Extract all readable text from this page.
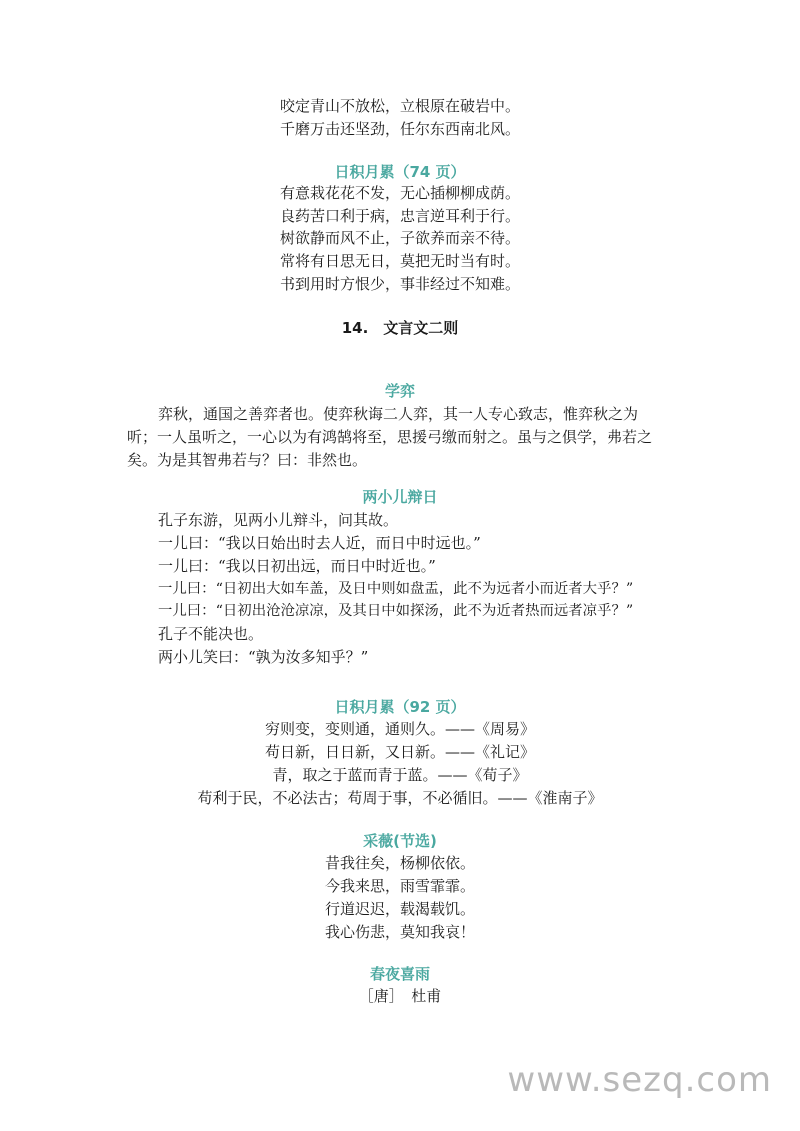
咬定青山不放松，立根原在破岩中。
千磨万击还坚劲，任尔东西南北风。
日积月累（74 页）
有意栽花花不发，无心插柳柳成荫。
良药苦口利于病，忠言逆耳利于行。
树欲静而风不止，子欲养而亲不待。
常将有日思无日，莫把无时当有时。
书到用时方恨少，事非经过不知难。
14.　文言文二则
学弈
弈秋，通国之善弈者也。使弈秋诲二人弈，其一人专心致志，惟弈秋之为
听；一人虽听之，一心以为有鸿鹄将至，思援弓缴而射之。虽与之俱学，弗若之
矣。为是其智弗若与？曰：非然也。
两小儿辩日
孔子东游，见两小儿辩斗，问其故。
一儿曰：“我以日始出时去人近，而日中时远也。”
一儿曰：“我以日初出远，而日中时近也。”
一儿曰：“日初出大如车盖，及日中则如盘盂，此不为远者小而近者大乎？”
一儿曰：“日初出沧沧凉凉，及其日中如探汤，此不为近者热而远者凉乎？”
孔子不能决也。
两小儿笑曰：“孰为汝多知乎？”
日积月累（92 页）
穷则变，变则通，通则久。——《周易》
苟日新，日日新，又日新。——《礼记》
青，取之于蓝而青于蓝。——《荀子》
苟利于民，不必法古；苟周于事，不必循旧。——《淮南子》
采薇(节选)
昔我往矣，杨柳依依。
今我来思，雨雪霏霏。
行道迟迟，载渴载饥。
我心伤悲，莫知我哀！
春夜喜雨
［唐］　杜甫
www.sezq.com
